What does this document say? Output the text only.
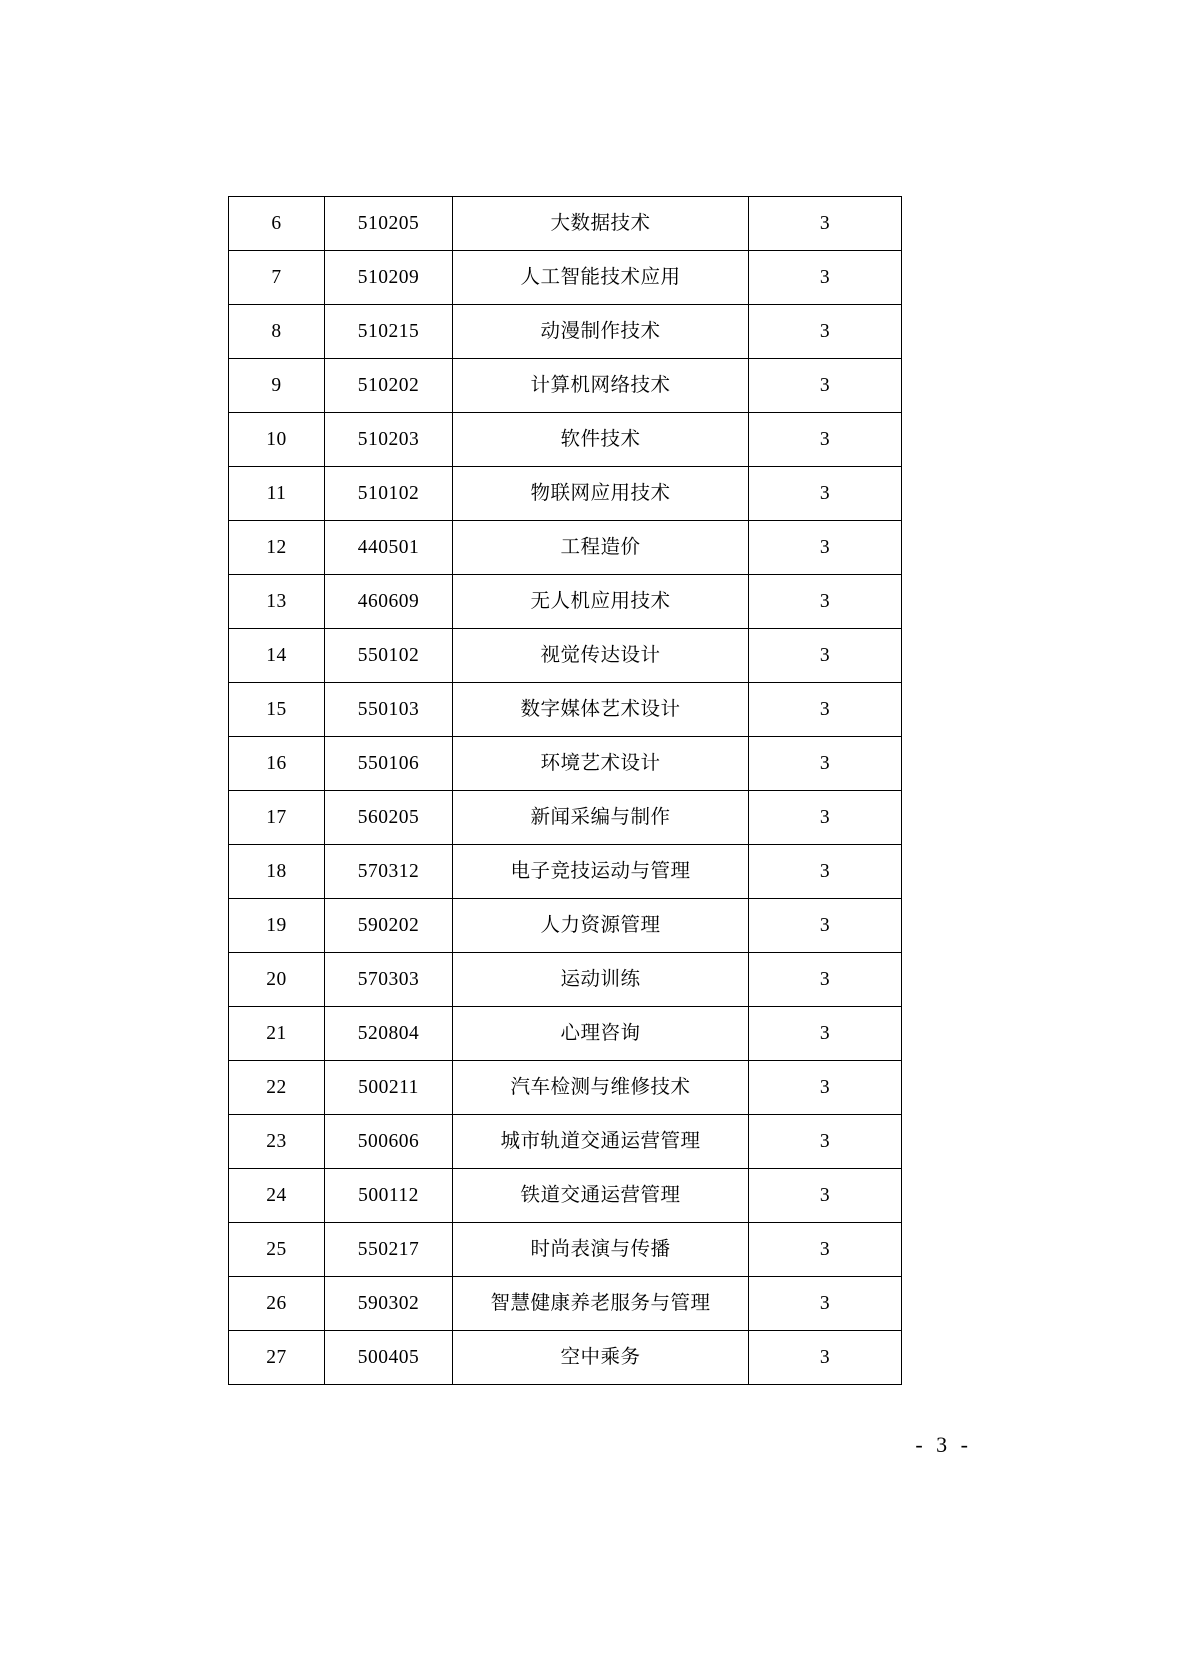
6	510205	大数据技术	3
7	510209	人工智能技术应用	3
8	510215	动漫制作技术	3
9	510202	计算机网络技术	3
10	510203	软件技术	3
11	510102	物联网应用技术	3
12	440501	工程造价	3
13	460609	无人机应用技术	3
14	550102	视觉传达设计	3
15	550103	数字媒体艺术设计	3
16	550106	环境艺术设计	3
17	560205	新闻采编与制作	3
18	570312	电子竞技运动与管理	3
19	590202	人力资源管理	3
20	570303	运动训练	3
21	520804	心理咨询	3
22	500211	汽车检测与维修技术	3
23	500606	城市轨道交通运营管理	3
24	500112	铁道交通运营管理	3
25	550217	时尚表演与传播	3
26	590302	智慧健康养老服务与管理	3
27	500405	空中乘务	3
- 3 -
